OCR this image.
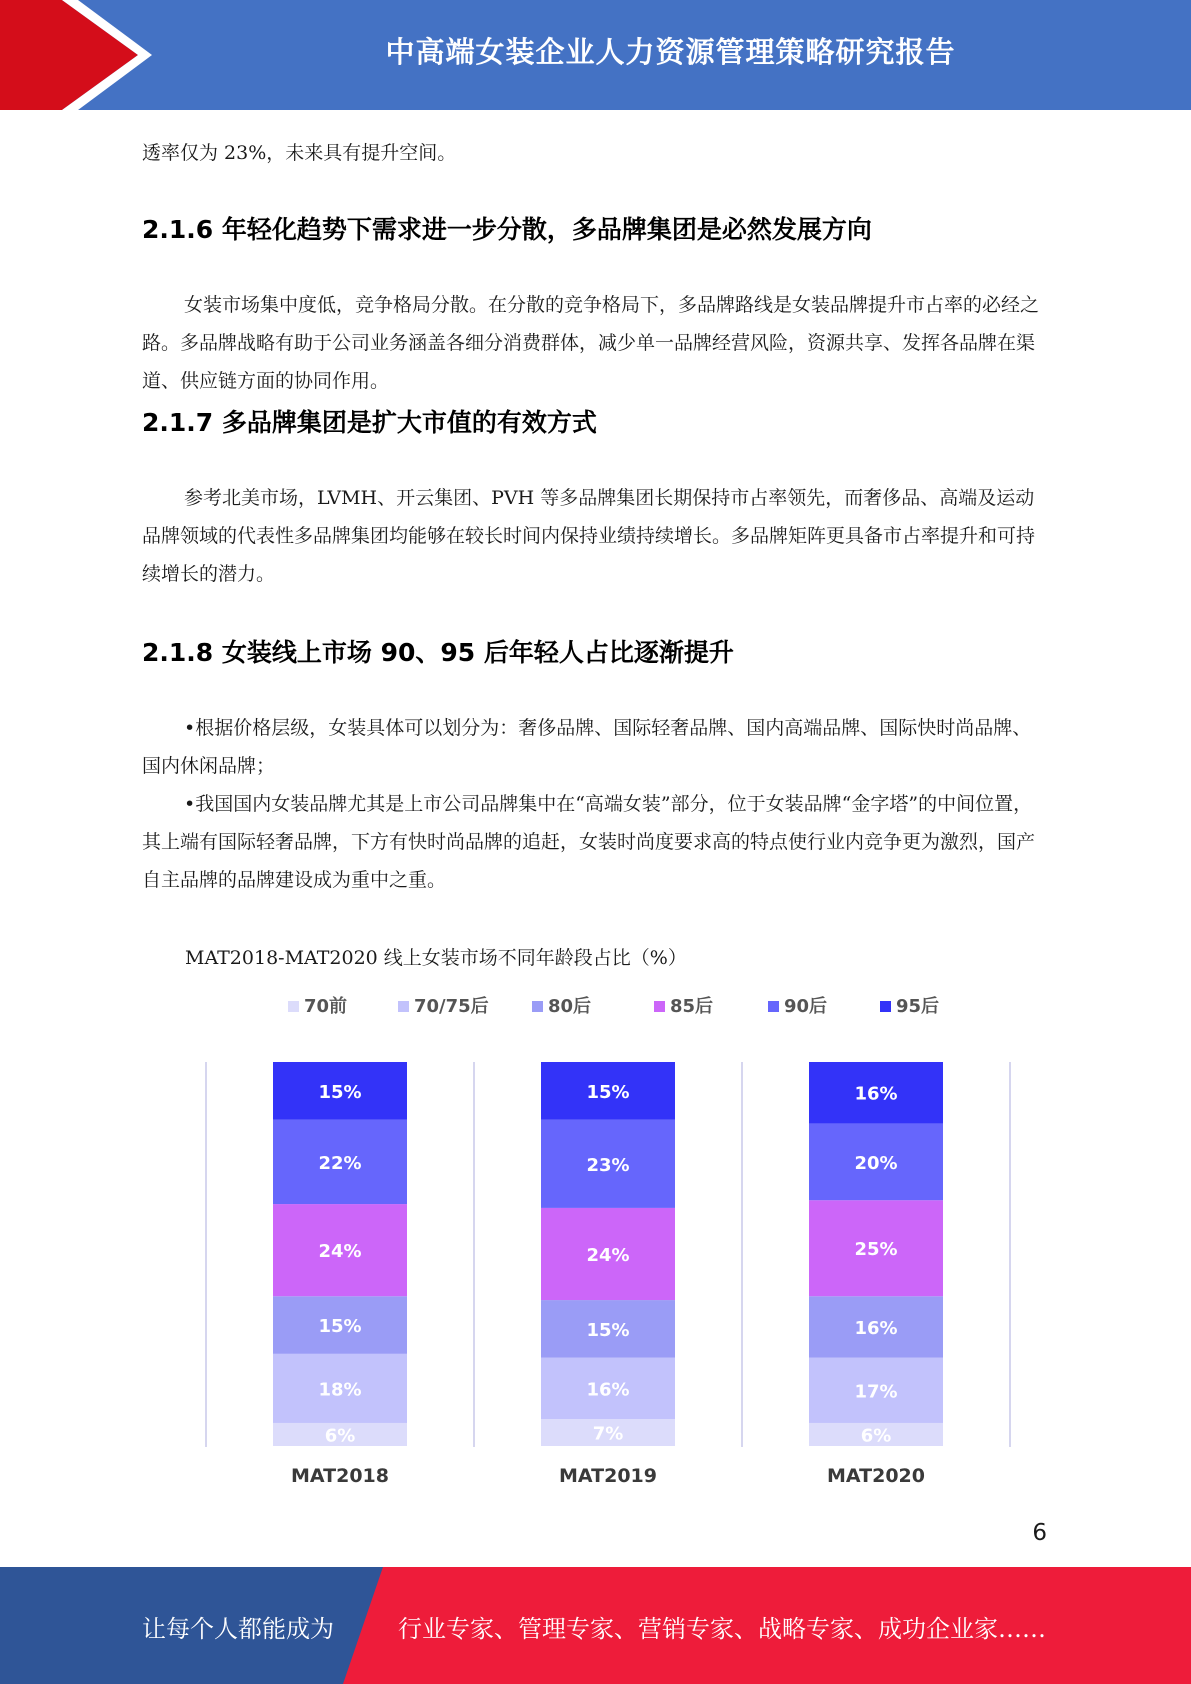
中高端女装企业人力资源管理策略研究报告

透率仅为 23%，未来具有提升空间。

2.1.6 年轻化趋势下需求进一步分散，多品牌集团是必然发展方向

女装市场集中度低，竞争格局分散。在分散的竞争格局下，多品牌路线是女装品牌提升市占率的必经之路。多品牌战略有助于公司业务涵盖各细分消费群体，减少单一品牌经营风险，资源共享、发挥各品牌在渠道、供应链方面的协同作用。

2.1.7 多品牌集团是扩大市值的有效方式

参考北美市场，LVMH、开云集团、PVH 等多品牌集团长期保持市占率领先，而奢侈品、高端及运动品牌领域的代表性多品牌集团均能够在较长时间内保持业绩持续增长。多品牌矩阵更具备市占率提升和可持续增长的潜力。

2.1.8 女装线上市场 90、95 后年轻人占比逐渐提升

•根据价格层级，女装具体可以划分为：奢侈品牌、国际轻奢品牌、国内高端品牌、国际快时尚品牌、国内休闲品牌；

•我国国内女装品牌尤其是上市公司品牌集中在“高端女装”部分，位于女装品牌“金字塔”的中间位置，其上端有国际轻奢品牌，下方有快时尚品牌的追赶，女装时尚度要求高的特点使行业内竞争更为激烈，国产自主品牌的品牌建设成为重中之重。

MAT2018-MAT2020 线上女装市场不同年龄段占比（%）
70前	70/75后	80后	85后	90后	95后
6%
18%
15%
24%
22%
15%
MAT2018
7%
16%
15%
24%
23%
15%
MAT2019
6%
17%
16%
25%
20%
16%
MAT2020
6
让每个人都能成为	行业专家、管理专家、营销专家、战略专家、成功企业家……
